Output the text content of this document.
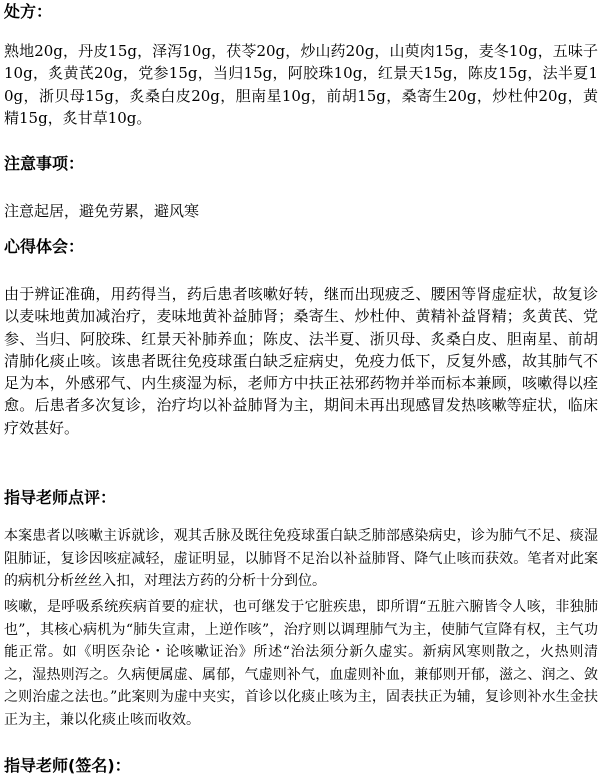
处方：
熟地20g，丹皮15g，泽泻10g，茯苓20g，炒山药20g，山萸肉15g，麦冬10g，五味子10g，炙黄芪20g，党参15g，当归15g，阿胶珠10g，红景天15g，陈皮15g，法半夏10g，浙贝母15g，炙桑白皮20g，胆南星10g，前胡15g，桑寄生20g，炒杜仲20g，黄精15g，炙甘草10g。
注意事项：
注意起居，避免劳累，避风寒
心得体会：
由于辨证准确，用药得当，药后患者咳嗽好转，继而出现疲乏、腰困等肾虚症状，故复诊以麦味地黄加减治疗，麦味地黄补益肺肾；桑寄生、炒杜仲、黄精补益肾精；炙黄芪、党参、当归、阿胶珠、红景天补肺养血；陈皮、法半夏、浙贝母、炙桑白皮、胆南星、前胡清肺化痰止咳。该患者既往免疫球蛋白缺乏症病史，免疫力低下，反复外感，故其肺气不足为本，外感邪气、内生痰湿为标，老师方中扶正祛邪药物并举而标本兼顾，咳嗽得以痊愈。后患者多次复诊，治疗均以补益肺肾为主，期间未再出现感冒发热咳嗽等症状，临床疗效甚好。
指导老师点评：
本案患者以咳嗽主诉就诊，观其舌脉及既往免疫球蛋白缺乏肺部感染病史，诊为肺气不足、痰湿阻肺证，复诊因咳症减轻，虚证明显，以肺肾不足治以补益肺肾、降气止咳而获效。笔者对此案的病机分析丝丝入扣，对理法方药的分析十分到位。
咳嗽，是呼吸系统疾病首要的症状，也可继发于它脏疾患，即所谓“五脏六腑皆令人咳，非独肺也”，其核心病机为“肺失宣肃，上逆作咳”，治疗则以调理肺气为主，使肺气宣降有权，主气功能正常。如《明医杂论・论咳嗽证治》所述“治法须分新久虚实。新病风寒则散之，火热则清之，湿热则泻之。久病便属虚、属郁，气虚则补气，血虚则补血，兼郁则开郁，滋之、润之、敛之则治虚之法也。”此案则为虚中夹实，首诊以化痰止咳为主，固表扶正为辅，复诊则补水生金扶正为主，兼以化痰止咳而收效。
指导老师(签名)：
